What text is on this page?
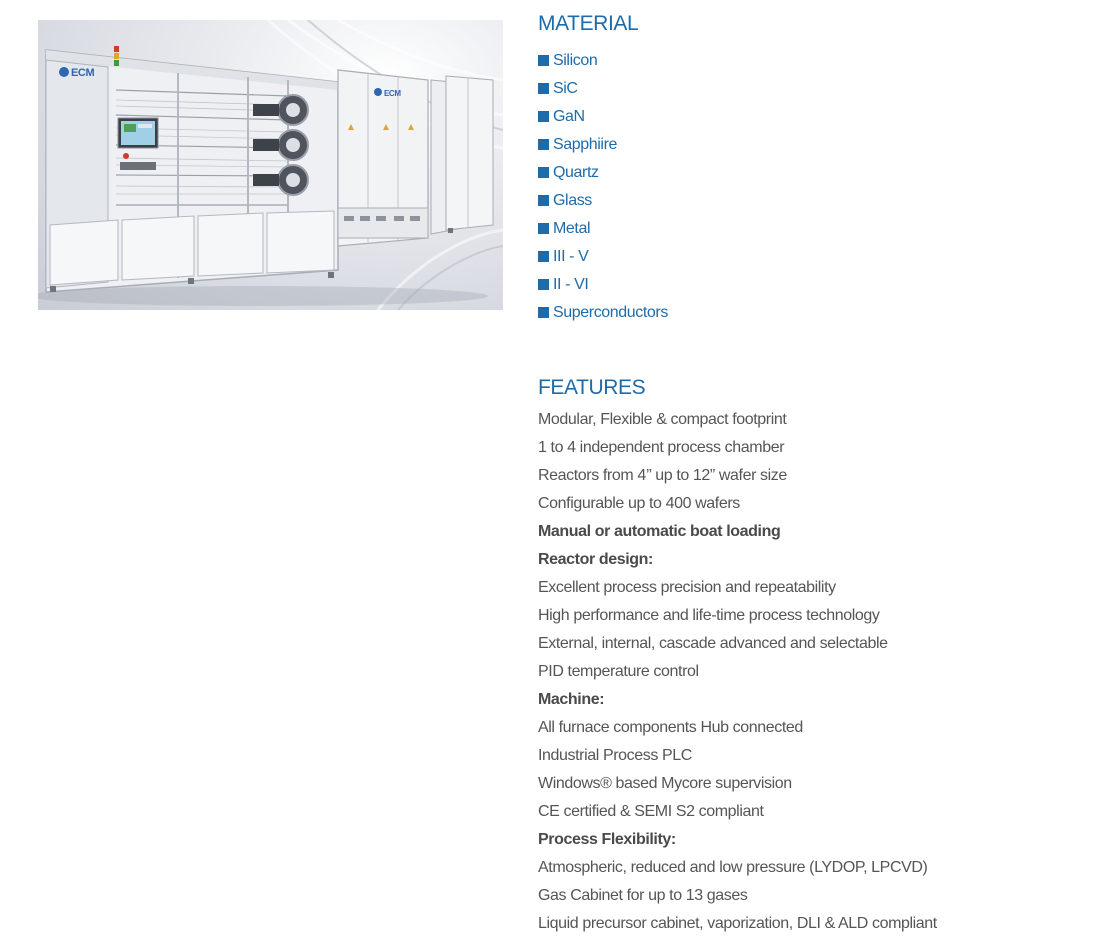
ECM
ECM
MATERIAL
Silicon
SiC
GaN
Sapphiire
Quartz
Glass
Metal
III - V
II - VI
Superconductors
FEATURES
Modular, Flexible & compact footprint
1 to 4 independent process chamber
Reactors from 4’’ up to 12” wafer size
Configurable up to 400 wafers
Manual or automatic boat loading
Reactor design:
Excellent process precision and repeatability
High performance and life-time process technology
External, internal, cascade advanced and selectable
PID temperature control
Machine:
All furnace components Hub connected
Industrial Process PLC
Windows® based Mycore supervision
CE certified & SEMI S2 compliant
Process Flexibility:
Atmospheric, reduced and low pressure (LYDOP, LPCVD)
Gas Cabinet for up to 13 gases
Liquid precursor cabinet, vaporization, DLI & ALD compliant
